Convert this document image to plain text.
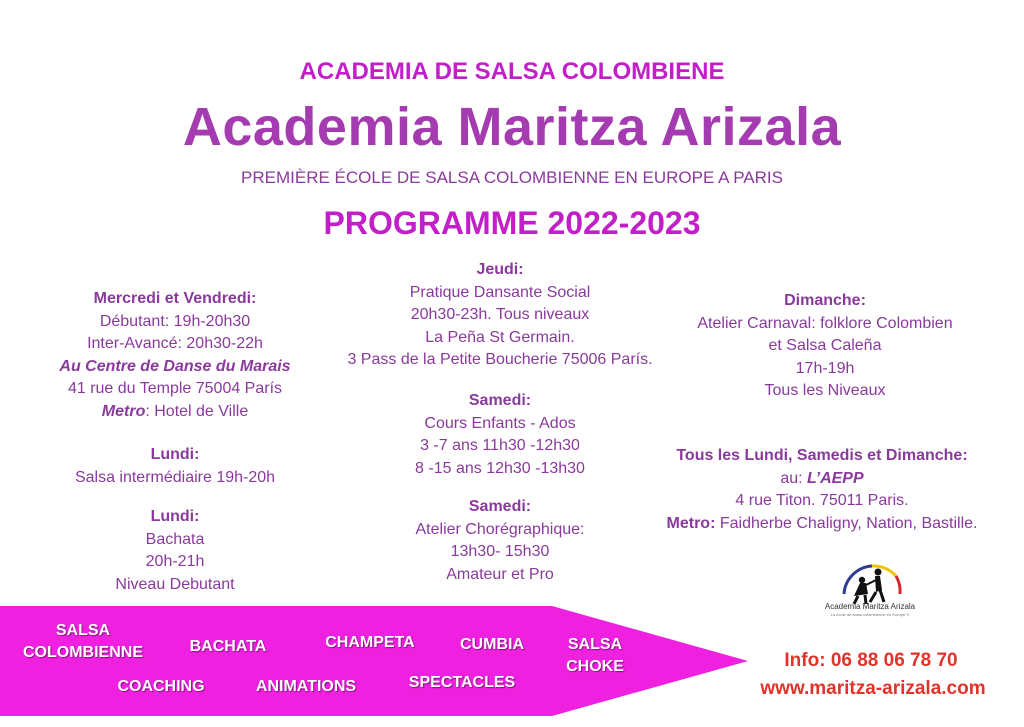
ACADEMIA DE SALSA COLOMBIENE
Academia Maritza Arizala
PREMIÈRE ÉCOLE DE SALSA COLOMBIENNE EN EUROPE A PARIS
PROGRAMME 2022-2023
Mercredi et Vendredi:
Débutant: 19h-20h30
Inter-Avancé: 20h30-22h
Au Centre de Danse du Marais
41 rue du Temple 75004 París
Metro: Hotel de Ville
Lundi:
Salsa intermédiaire 19h-20h
Lundi:
Bachata
20h-21h
Niveau Debutant
Jeudi:
Pratique Dansante Social
20h30-23h. Tous niveaux
La Peña St Germain.
3 Pass de la Petite Boucherie 75006 París.
Samedi:
Cours Enfants - Ados
3 -7 ans 11h30 -12h30
8 -15 ans 12h30 -13h30
Samedi:
Atelier Chorégraphique:
13h30- 15h30
Amateur et Pro
Dimanche:
Atelier Carnaval: folklore Colombien
et Salsa Caleña
17h-19h
Tous les Niveaux
Tous les Lundi, Samedis et Dimanche:
au: L’AEPP
4 rue Titon. 75011 Paris.
Metro: Faidherbe Chaligny, Nation, Bastille.
SALSA
COLOMBIENNE	BACHATA	CHAMPETA	CUMBIA	SALSA
CHOKE
COACHING	ANIMATIONS	SPECTACLES
Academia Maritza Arizala
La école de salsa colombienne en Europe ©
Info: 06 88 06 78 70
www.maritza-arizala.com
